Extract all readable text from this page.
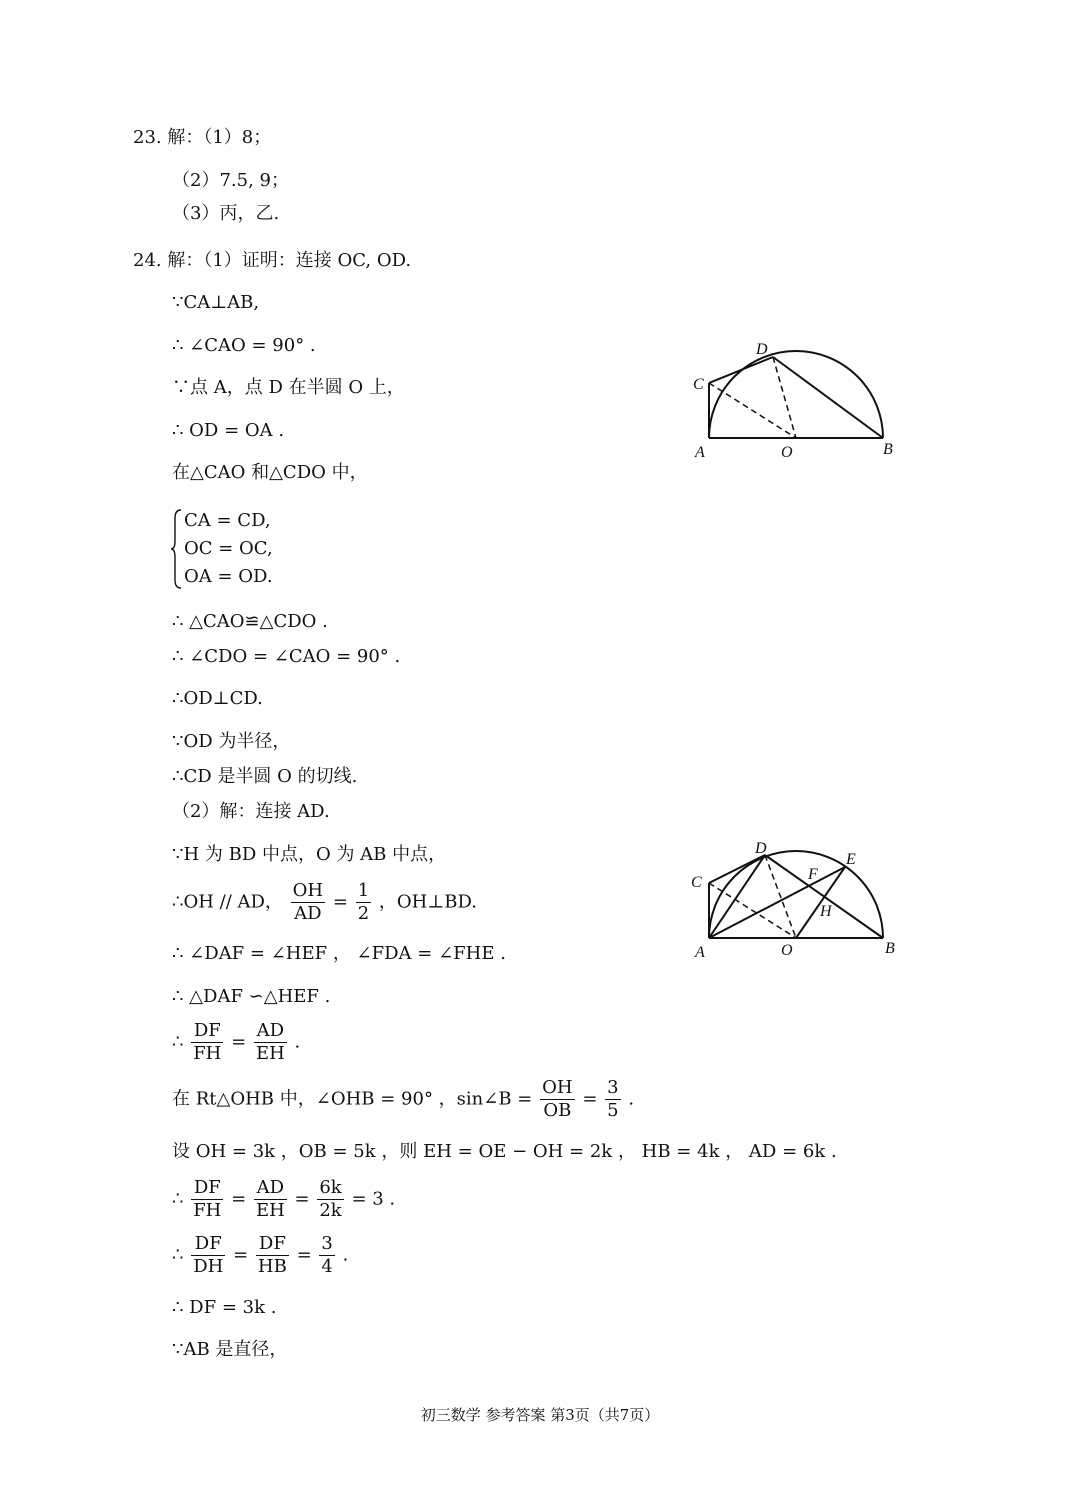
23. 解：（1）8；
（2）7.5, 9；
（3）丙，乙.
24. 解：（1）证明：连接 OC, OD.
∵CA⊥AB,
∴ ∠CAO = 90° .
∵点 A，点 D 在半圆 O 上，
∴ OD = OA .
在△CAO 和△CDO 中，
CA = CD,
OC = OC,
OA = OD.
∴ △CAO≌△CDO .
∴ ∠CDO = ∠CAO = 90° .
∴OD⊥CD.
∵OD 为半径，
∴CD 是半圆 O 的切线.
（2）解：连接 AD.
∵H 为 BD 中点，O 为 AB 中点，
∴OH // AD， $\frac{OH}{AD} = \frac{1}{2}$ ，OH⊥BD.
∴ ∠DAF = ∠HEF ， ∠FDA = ∠FHE .
∴ △DAF ∽△HEF .
∴ $\frac{DF}{FH} = \frac{AD}{EH}$ .
在 Rt△OHB 中，∠OHB = 90° ，sin∠B = $\frac{OH}{OB} = \frac{3}{5}$ .
设 OH = 3k ，OB = 5k ，则 EH = OE − OH = 2k ， HB = 4k ， AD = 6k .
∴ $\frac{DF}{FH} = \frac{AD}{EH} = \frac{6k}{2k} = 3$ .
∴ $\frac{DF}{DH} = \frac{DF}{HB} = \frac{3}{4}$ .
∴ DF = 3k .
∵AB 是直径，
D
C
A	O	B
D
E
F
H
C
A	O	B
初三数学 参考答案 第3页（共7页）
